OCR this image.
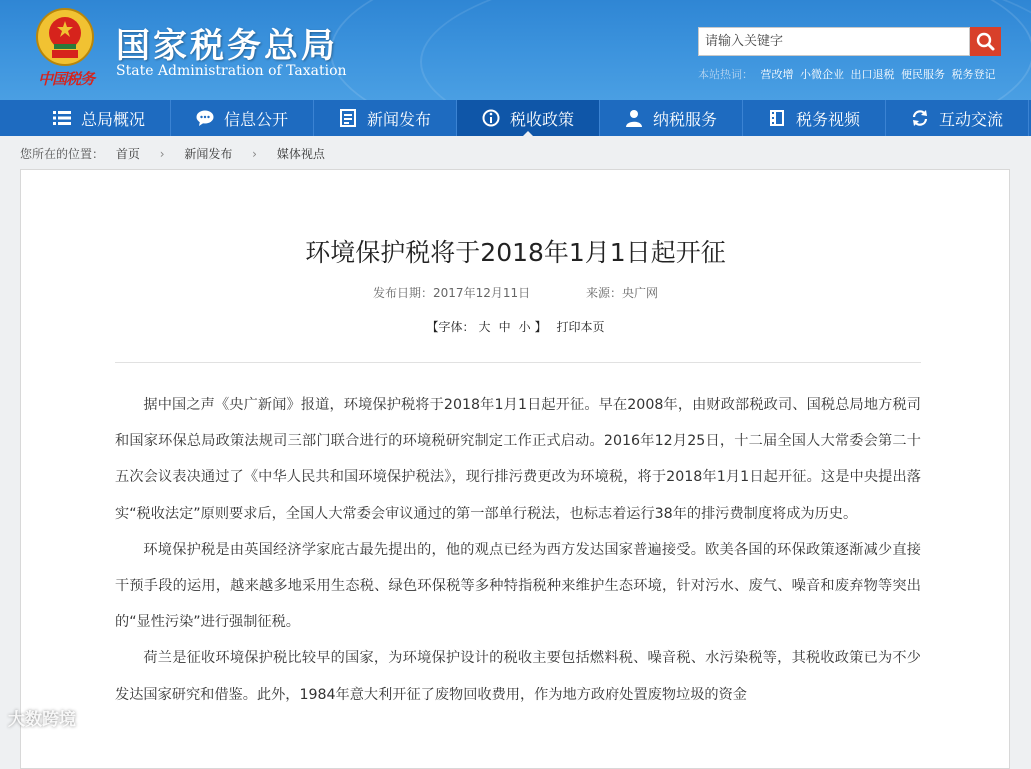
中国税务
国家税务总局
State Administration of Taxation
请输入关键字
本站热词： 营改增 小微企业 出口退税 便民服务 税务登记
总局概况	信息公开	新闻发布	税收政策	纳税服务	税务视频	互动交流
您所在的位置： 首页 › 新闻发布 › 媒体视点
环境保护税将于2018年1月1日起开征
发布日期：2017年12月11日	来源：央广网
【字体： 大 中 小 】 打印本页

据中国之声《央广新闻》报道，环境保护税将于2018年1月1日起开征。早在2008年，由财政部税政司、国税总局地方税司和国家环保总局政策法规司三部门联合进行的环境税研究制定工作正式启动。2016年12月25日，十二届全国人大常委会第二十五次会议表决通过了《中华人民共和国环境保护税法》，现行排污费更改为环境税，将于2018年1月1日起开征。这是中央提出落实“税收法定”原则要求后，全国人大常委会审议通过的第一部单行税法，也标志着运行38年的排污费制度将成为历史。

环境保护税是由英国经济学家庇古最先提出的，他的观点已经为西方发达国家普遍接受。欧美各国的环保政策逐渐减少直接干预手段的运用，越来越多地采用生态税、绿色环保税等多种特指税种来维护生态环境，针对污水、废气、噪音和废弃物等突出的“显性污染”进行强制征税。

荷兰是征收环境保护税比较早的国家，为环境保护设计的税收主要包括燃料税、噪音税、水污染税等，其税收政策已为不少发达国家研究和借鉴。此外，1984年意大利开征了废物回收费用，作为地方政府处置废物垃圾的资金

大数跨境
